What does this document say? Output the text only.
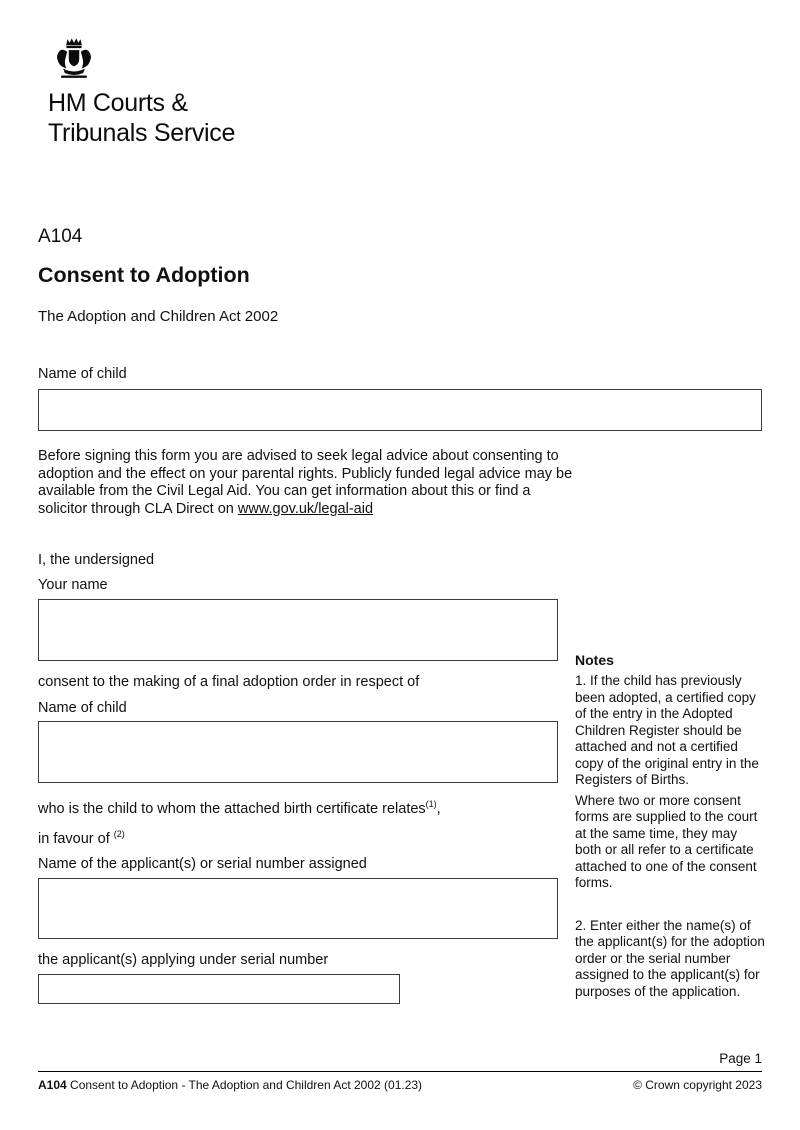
HM Courts &
Tribunals Service
A104
Consent to Adoption
The Adoption and Children Act 2002
Name of child

Before signing this form you are advised to seek legal advice about consenting to adoption and the effect on your parental rights. Publicly funded legal advice may be available from the Civil Legal Aid. You can get information about this or find a solicitor through CLA Direct on www.gov.uk/legal-aid

I, the undersigned
Your name
consent to the making of a final adoption order in respect of
Name of child

who is the child to whom the attached birth certificate relates$^{(1)}$,

in favour of $^{(2)}$

Name of the applicant(s) or serial number assigned
the applicant(s) applying under serial number
Notes

1. If the child has previously been adopted, a certified copy of the entry in the Adopted Children Register should be attached and not a certified copy of the original entry in the Registers of Births.

Where two or more consent forms are supplied to the court at the same time, they may both or all refer to a certificate attached to one of the consent forms.

2. Enter either the name(s) of the applicant(s) for the adoption order or the serial number assigned to the applicant(s) for purposes of the application.

Page 1
A104 Consent to Adoption - The Adoption and Children Act 2002 (01.23)	© Crown copyright 2023
